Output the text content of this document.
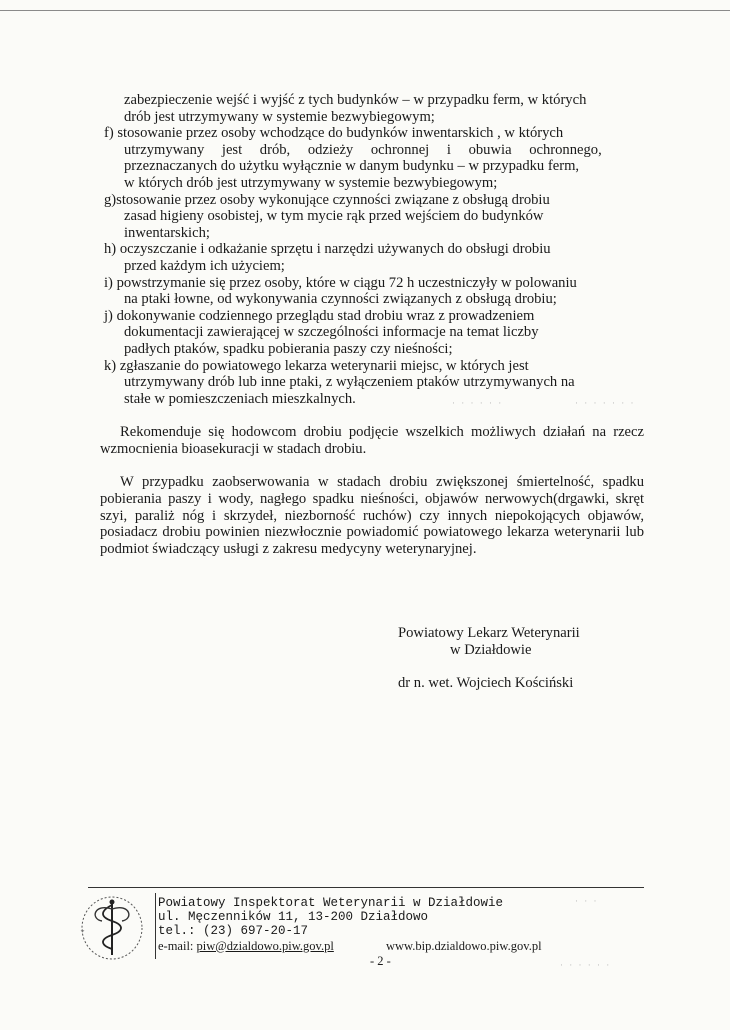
zabezpieczenie wejść i wyjść z tych budynków – w przypadku ferm, w których
drób jest utrzymywany w systemie bezwybiegowym;
f) stosowanie przez osoby wchodzące do budynków inwentarskich , w których
utrzymywany jest drób, odzieży ochronnej i obuwia ochronnego,
przeznaczanych do użytku wyłącznie w danym budynku – w przypadku ferm,
w których drób jest utrzymywany w systemie bezwybiegowym;
g) stosowanie przez osoby wykonujące czynności związane z obsługą drobiu
zasad higieny osobistej, w tym mycie rąk przed wejściem do budynków
inwentarskich;
h) oczyszczanie i odkażanie sprzętu i narzędzi używanych do obsługi drobiu
przed każdym ich użyciem;
i) powstrzymanie się przez osoby, które w ciągu 72 h uczestniczyły w polowaniu
na ptaki łowne, od wykonywania czynności związanych z obsługą drobiu;
j) dokonywanie codziennego przeglądu stad drobiu wraz z prowadzeniem
dokumentacji zawierającej w szczególności informacje na temat liczby
padłych ptaków, spadku pobierania paszy czy nieśności;
k) zgłaszanie do powiatowego lekarza weterynarii miejsc, w których jest
utrzymywany drób lub inne ptaki, z wyłączeniem ptaków utrzymywanych na
stałe w pomieszczeniach mieszkalnych.
Rekomenduje się hodowcom drobiu podjęcie wszelkich możliwych działań na rzecz wzmocnienia bioasekuracji w stadach drobiu.
W przypadku zaobserwowania w stadach drobiu zwiększonej śmiertelność, spadku pobierania paszy i wody, nagłego spadku nieśności, objawów nerwowych(drgawki, skręt szyi, paraliż nóg i skrzydeł, niezborność ruchów) czy innych niepokojących objawów, posiadacz drobiu powinien niezwłocznie powiadomić powiatowego lekarza weterynarii lub podmiot świadczący usługi z zakresu medycyny weterynaryjnej.
Powiatowy Lekarz Weterynarii
w Działdowie
dr n. wet. Wojciech Kościński
✦
Powiatowy Inspektorat Weterynarii w Działdowie
ul. Męczenników 11, 13-200 Działdowo
tel.: (23) 697-20-17
e-mail: piw@dzialdowo.piw.gov.pl	www.bip.dzialdowo.piw.gov.pl
- 2 -
· · · · · ·	· · · · · · ·
· · ·
· · · · · ·
